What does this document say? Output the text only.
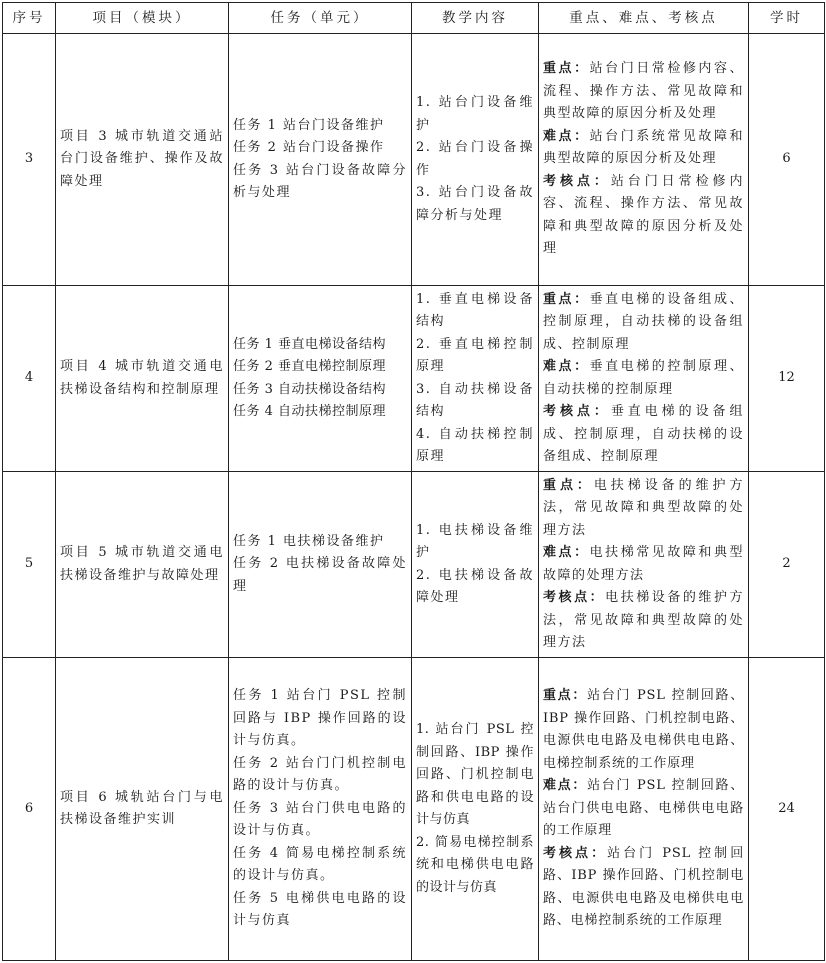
序号	项目（模块）	任务（单元）	教学内容	重点、难点、考核点	学时
3	项目 3 城市轨道交通站台门设备维护、操作及故障处理	任务 1 站台门设备维护
任务 2 站台门设备操作
任务 3 站台门设备故障分析与处理	1. 站台门设备维护
2. 站台门设备操作
3. 站台门设备故障分析与处理	重点：站台门日常检修内容、流程、操作方法、常见故障和典型故障的原因分析及处理
难点：站台门系统常见故障和典型故障的原因分析及处理
考核点：站台门日常检修内容、流程、操作方法、常见故障和典型故障的原因分析及处理	6
4	项目 4 城市轨道交通电扶梯设备结构和控制原理	任务 1 垂直电梯设备结构
任务 2 垂直电梯控制原理
任务 3 自动扶梯设备结构
任务 4 自动扶梯控制原理	1. 垂直电梯设备结构
2. 垂直电梯控制原理
3. 自动扶梯设备结构
4. 自动扶梯控制原理	重点：垂直电梯的设备组成、控制原理，自动扶梯的设备组成、控制原理
难点：垂直电梯的控制原理、自动扶梯的控制原理
考核点：垂直电梯的设备组成、控制原理，自动扶梯的设备组成、控制原理	12
5	项目 5 城市轨道交通电扶梯设备维护与故障处理	任务 1 电扶梯设备维护
任务 2 电扶梯设备故障处理	1. 电扶梯设备维护
2. 电扶梯设备故障处理	重点：电扶梯设备的维护方法，常见故障和典型故障的处理方法
难点：电扶梯常见故障和典型故障的处理方法
考核点：电扶梯设备的维护方法，常见故障和典型故障的处理方法	2
6	项目 6 城轨站台门与电扶梯设备维护实训	任务 1 站台门 PSL 控制回路与 IBP 操作回路的设计与仿真。
任务 2 站台门门机控制电路的设计与仿真。
任务 3 站台门供电电路的设计与仿真。
任务 4 简易电梯控制系统的设计与仿真。
任务 5 电梯供电电路的设计与仿真	1. 站台门 PSL 控制回路、IBP 操作回路、门机控制电路和供电电路的设计与仿真
2. 简易电梯控制系统和电梯供电电路的设计与仿真	重点：站台门 PSL 控制回路、IBP 操作回路、门机控制电路、电源供电电路及电梯供电电路、电梯控制系统的工作原理
难点：站台门 PSL 控制回路、站台门供电电路、电梯供电电路的工作原理
考核点：站台门 PSL 控制回路、IBP 操作回路、门机控制电路、电源供电电路及电梯供电电路、电梯控制系统的工作原理	24
